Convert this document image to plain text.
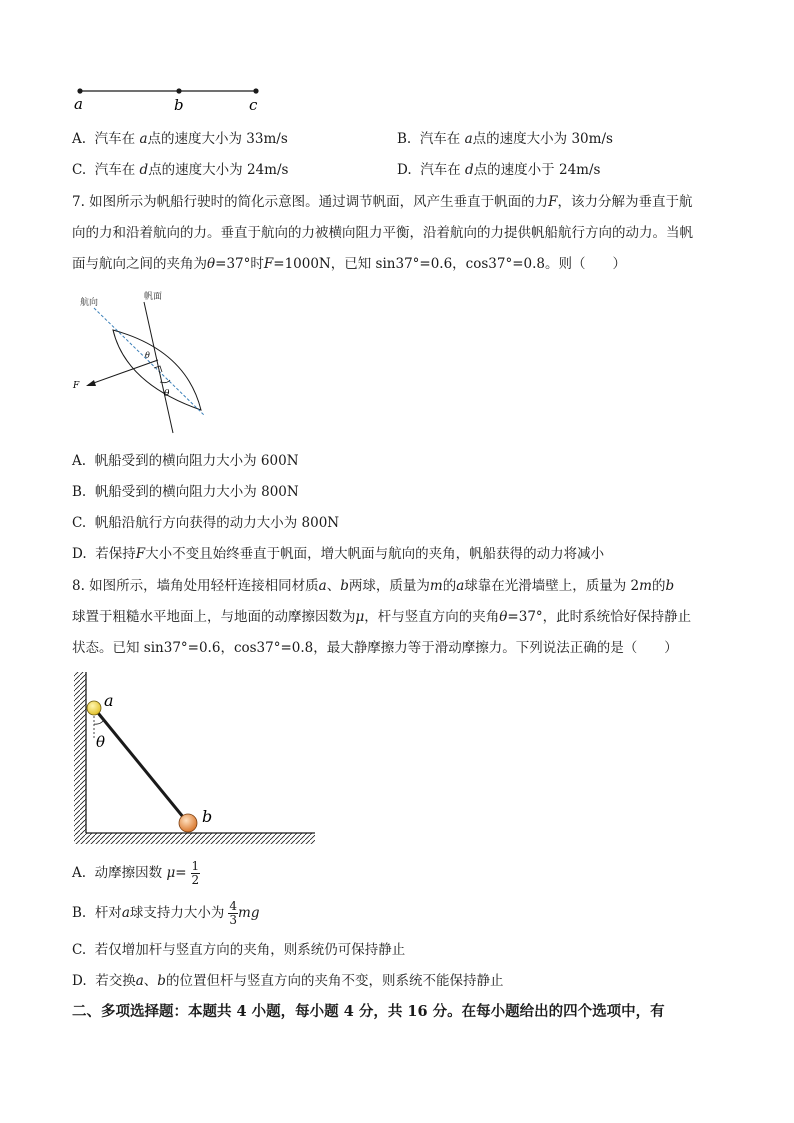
a	b	c
A. 汽车在 a点的速度大小为 33m/s	B. 汽车在 a点的速度大小为 30m/s
C. 汽车在 d点的速度大小为 24m/s	D. 汽车在 d点的速度小于 24m/s
7. 如图所示为帆船行驶时的简化示意图。通过调节帆面，风产生垂直于帆面的力F，该力分解为垂直于航
向的力和沿着航向的力。垂直于航向的力被横向阻力平衡，沿着航向的力提供帆船航行方向的动力。当帆
面与航向之间的夹角为θ=37°时F=1000N，已知 sin37°=0.6，cos37°=0.8。则（　　）
航向
帆面
F
θ
θ
A. 帆船受到的横向阻力大小为 600N
B. 帆船受到的横向阻力大小为 800N
C. 帆船沿航行方向获得的动力大小为 800N
D. 若保持F大小不变且始终垂直于帆面，增大帆面与航向的夹角，帆船获得的动力将减小
8. 如图所示，墙角处用轻杆连接相同材质a、b两球，质量为m的a球靠在光滑墙壁上，质量为 2m的b
球置于粗糙水平地面上，与地面的动摩擦因数为μ，杆与竖直方向的夹角θ=37°，此时系统恰好保持静止
状态。已知 sin37°=0.6，cos37°=0.8，最大静摩擦力等于滑动摩擦力。下列说法正确的是（　　）
a
θ
b
A. 动摩擦因数 $\mu= \frac{1}{2}$
B. 杆对a球支持力大小为 $\frac{4}{3}$ mg
C. 若仅增加杆与竖直方向的夹角，则系统仍可保持静止
D. 若交换a、b的位置但杆与竖直方向的夹角不变，则系统不能保持静止
二、多项选择题：本题共 4 小题，每小题 4 分，共 16 分。在每小题给出的四个选项中，有
